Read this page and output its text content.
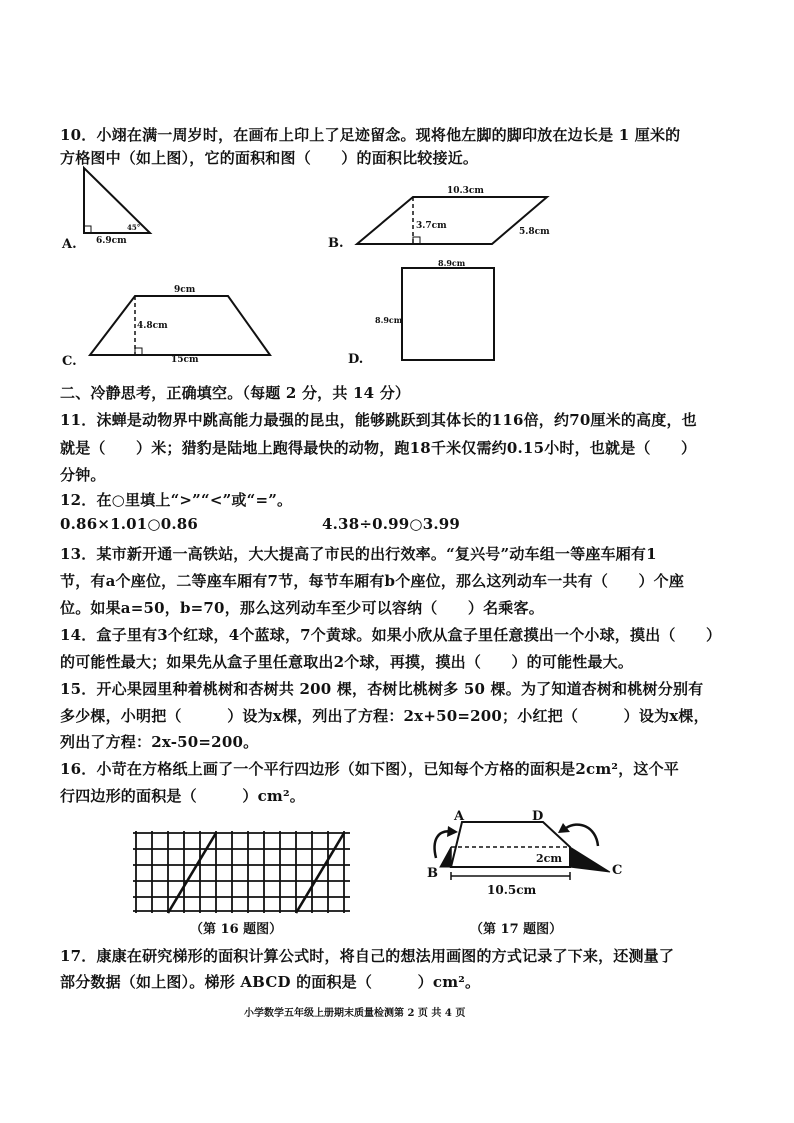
10．小翊在满一周岁时，在画布上印上了足迹留念。现将他左脚的脚印放在边长是 1 厘米的
方格图中（如上图），它的面积和图（　　）的面积比较接近。
A. 6.9cm
45°
B.
10.3cm
3.7cm
5.8cm
C.
9cm
4.8cm
15cm	D.
8.9cm
8.9cm
二、冷静思考，正确填空。（每题 2 分，共 14 分）
11．沫蝉是动物界中跳高能力最强的昆虫，能够跳跃到其体长的116倍，约70厘米的高度，也
就是（　　）米；猎豹是陆地上跑得最快的动物，跑18千米仅需约0.15小时，也就是（　　）
分钟。
12．在○里填上“>”“<”或“=”。
0.86×1.01○0.86	4.38÷0.99○3.99
13．某市新开通一高铁站，大大提高了市民的出行效率。“复兴号”动车组一等座车厢有1
节，有a个座位，二等座车厢有7节，每节车厢有b个座位，那么这列动车一共有（　　）个座
位。如果a=50，b=70，那么这列动车至少可以容纳（　　）名乘客。
14．盒子里有3个红球，4个蓝球，7个黄球。如果小欣从盒子里任意摸出一个小球，摸出（　　）
的可能性最大；如果先从盒子里任意取出2个球，再摸，摸出（　　）的可能性最大。
15．开心果园里种着桃树和杏树共 200 棵，杏树比桃树多 50 棵。为了知道杏树和桃树分别有
多少棵，小明把（　　　）设为x棵，列出了方程：2x+50=200；小红把（　　　）设为x棵，
列出了方程：2x-50=200。
16．小苛在方格纸上画了一个平行四边形（如下图），已知每个方格的面积是2cm²，这个平
行四边形的面积是（　　　）cm²。
（第 16 题图）
A	D
B	C
2cm
10.5cm
（第 17 题图）
17．康康在研究梯形的面积计算公式时，将自己的想法用画图的方式记录了下来，还测量了
部分数据（如上图）。梯形 ABCD 的面积是（　　　）cm²。
小学数学五年级上册期末质量检测第 2 页 共 4 页
